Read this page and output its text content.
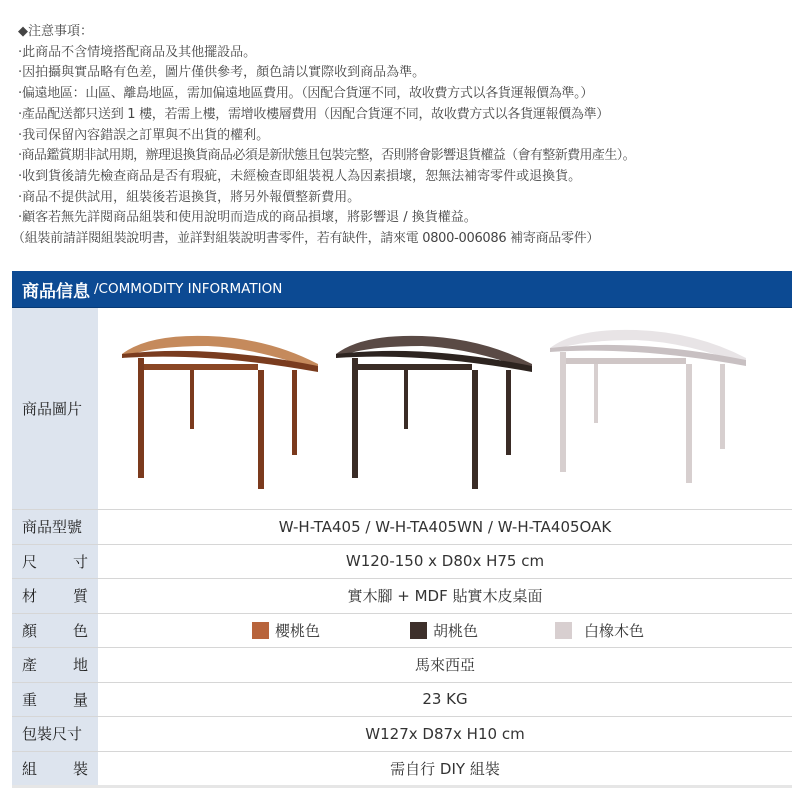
◆注意事項：
‧此商品不含情境搭配商品及其他擺設品。
‧因拍攝與實品略有色差，圖片僅供參考，顏色請以實際收到商品為準。
‧偏遠地區：山區、離島地區，需加偏遠地區費用。（因配合貨運不同，故收費方式以各貨運報價為準。）
‧產品配送都只送到 1 樓，若需上樓，需增收樓層費用（因配合貨運不同，故收費方式以各貨運報價為準）
‧我司保留內容錯誤之訂單與不出貨的權利。
‧商品鑑賞期非試用期，辦理退換貨商品必須是新狀態且包裝完整，否則將會影響退貨權益（會有整新費用產生）。
‧收到貨後請先檢查商品是否有瑕疵，未經檢查即組裝視人為因素損壞，恕無法補寄零件或退換貨。
‧商品不提供試用，組裝後若退換貨，將另外報價整新費用。
‧顧客若無先詳閱商品組裝和使用說明而造成的商品損壞，將影響退 / 換貨權益。
（組裝前請詳閱組裝說明書，並詳對組裝說明書零件，若有缺件，請來電 0800-006086 補寄商品零件）
商品信息 /COMMODITY INFORMATION
商品圖片
商品型號	W-H-TA405 / W-H-TA405WN / W-H-TA405OAK
尺 寸	W120-150 x D80x H75 cm
材 質	實木腳 + MDF 貼實木皮桌面
顏 色	櫻桃色	胡桃色	白橡木色
產 地	馬來西亞
重 量	23 KG
包裝尺寸	W127x D87x H10 cm
組 裝	需自行 DIY 組裝
